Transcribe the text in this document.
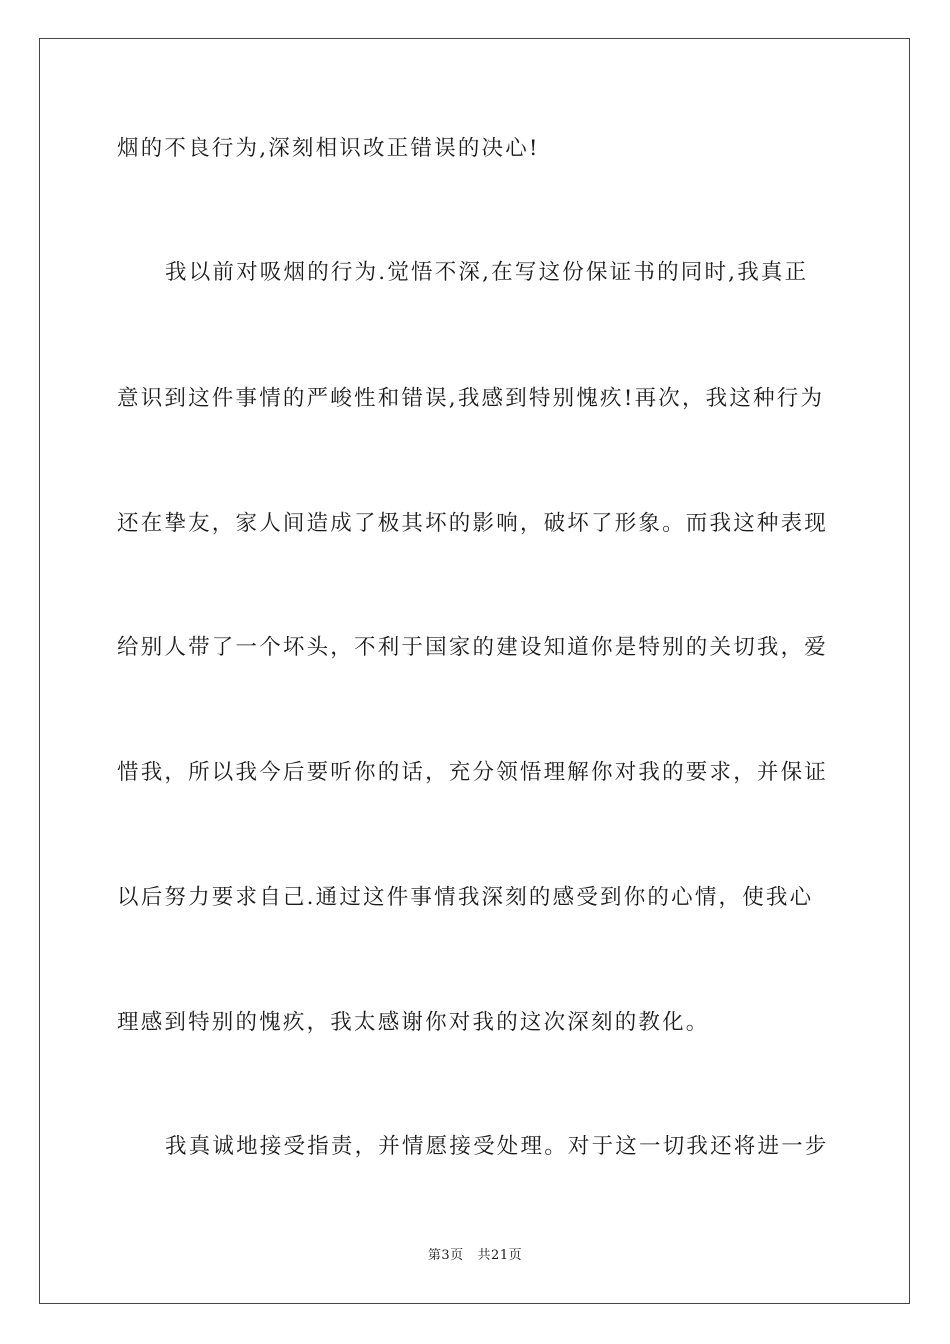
烟的不良行为,深刻相识改正错误的决心!
我以前对吸烟的行为.觉悟不深,在写这份保证书的同时,我真正
意识到这件事情的严峻性和错误,我感到特别愧疚!再次，我这种行为
还在挚友，家人间造成了极其坏的影响，破坏了形象。而我这种表现
给别人带了一个坏头，不利于国家的建设知道你是特别的关切我，爱
惜我，所以我今后要听你的话，充分领悟理解你对我的要求，并保证
以后努力要求自己.通过这件事情我深刻的感受到你的心情，使我心
理感到特别的愧疚，我太感谢你对我的这次深刻的教化。
我真诚地接受指责，并情愿接受处理。对于这一切我还将进一步
第3页   共21页
